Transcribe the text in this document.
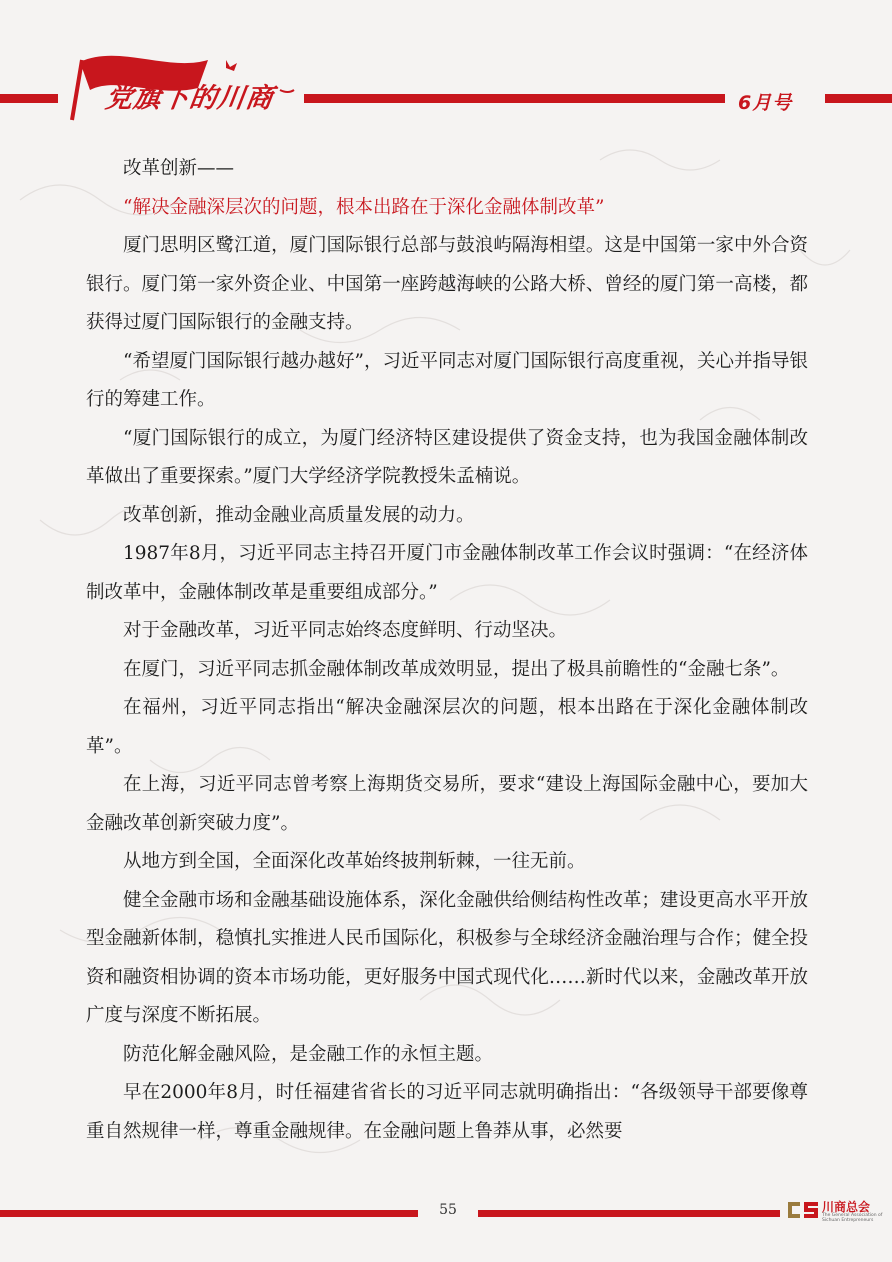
党旗下的川商	6月号

改革创新——

“解决金融深层次的问题，根本出路在于深化金融体制改革”

厦门思明区鹭江道，厦门国际银行总部与鼓浪屿隔海相望。这是中国第一家中外合资银行。厦门第一家外资企业、中国第一座跨越海峡的公路大桥、曾经的厦门第一高楼，都获得过厦门国际银行的金融支持。

“希望厦门国际银行越办越好”，习近平同志对厦门国际银行高度重视，关心并指导银行的筹建工作。

“厦门国际银行的成立，为厦门经济特区建设提供了资金支持，也为我国金融体制改革做出了重要探索。”厦门大学经济学院教授朱孟楠说。

改革创新，推动金融业高质量发展的动力。

1987年8月，习近平同志主持召开厦门市金融体制改革工作会议时强调：“在经济体制改革中，金融体制改革是重要组成部分。”

对于金融改革，习近平同志始终态度鲜明、行动坚决。

在厦门，习近平同志抓金融体制改革成效明显，提出了极具前瞻性的“金融七条”。

在福州，习近平同志指出“解决金融深层次的问题，根本出路在于深化金融体制改革”。

在上海，习近平同志曾考察上海期货交易所，要求“建设上海国际金融中心，要加大金融改革创新突破力度”。

从地方到全国，全面深化改革始终披荆斩棘，一往无前。

健全金融市场和金融基础设施体系，深化金融供给侧结构性改革；建设更高水平开放型金融新体制，稳慎扎实推进人民币国际化，积极参与全球经济金融治理与合作；健全投资和融资相协调的资本市场功能，更好服务中国式现代化……新时代以来，金融改革开放广度与深度不断拓展。

防范化解金融风险，是金融工作的永恒主题。

早在2000年8月，时任福建省省长的习近平同志就明确指出：“各级领导干部要像尊重自然规律一样，尊重金融规律。在金融问题上鲁莽从事，必然要

55	川商总会
The General Association of
Sichuan Entrepreneurs
